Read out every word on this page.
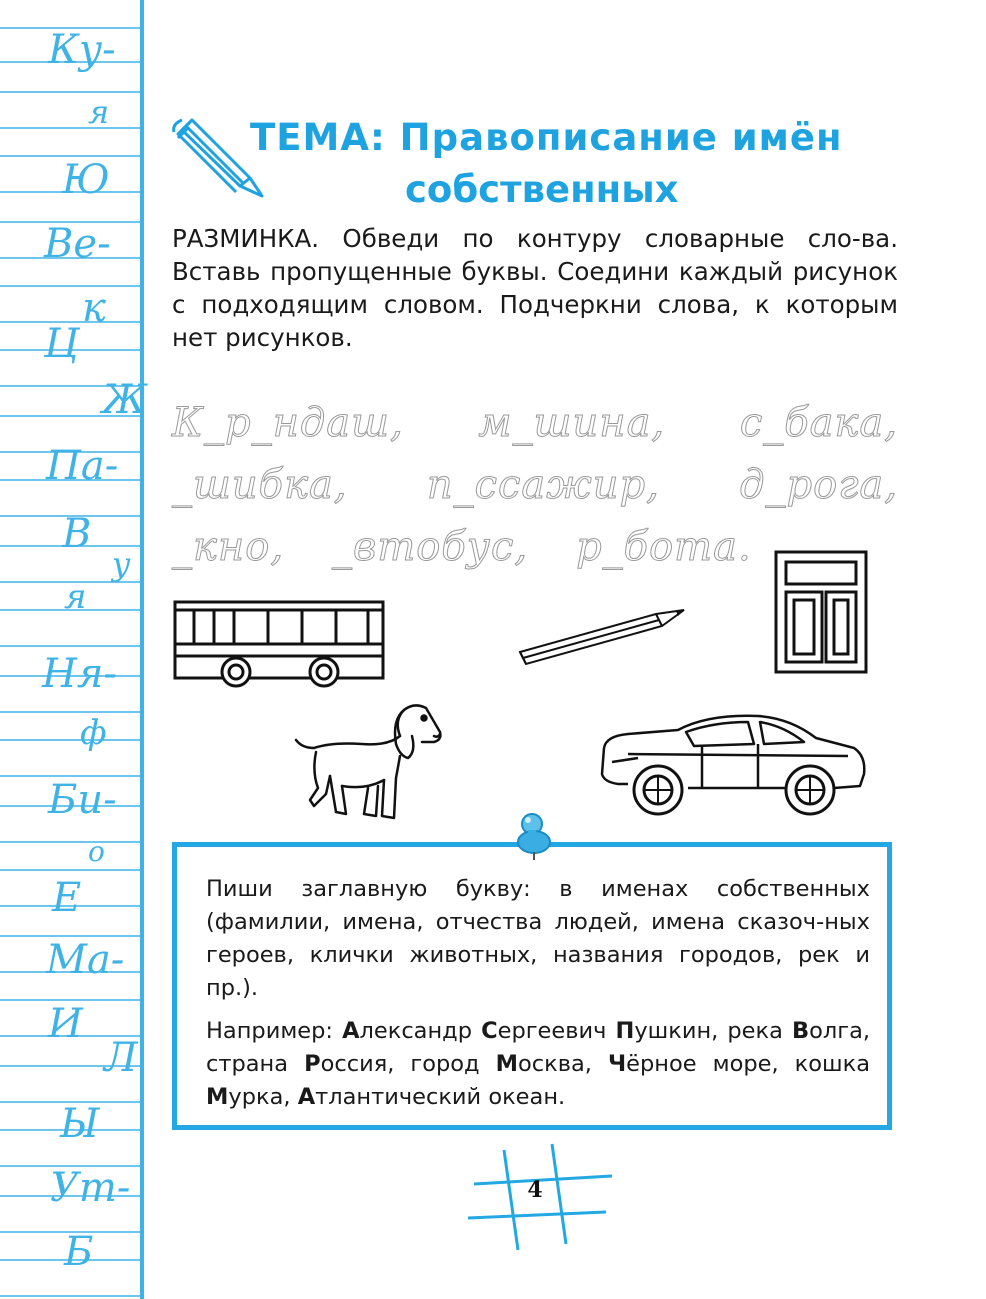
Ку-
я
Ю
Ве-
к
Ц
Ж
Па-
В
у
я
Ня-
ф
Би-
о
Е
Ма-
И
Л
Ы
Ут-
Б
ТЕМА: Правописание имён
собственных
РАЗМИНКА. Обведи по контуру словарные сло-ва. Вставь пропущенные буквы. Соедини каждый рисунок с подходящим словом. Подчеркни слова, к которым нет рисунков.
К_р_ндаш, м_шина, с_бака,
_шибка, п_ссажир, д_рога,
_кно, _втобус, р_бота.
Пиши заглавную букву: в именах собственных (фамилии, имена, отчества людей, имена сказоч-ных героев, клички животных, названия городов, рек и пр.).
Например: Александр Сергеевич Пушкин, река Волга, страна Россия, город Москва, Чёрное море, кошка Мурка, Атлантический океан.
4
